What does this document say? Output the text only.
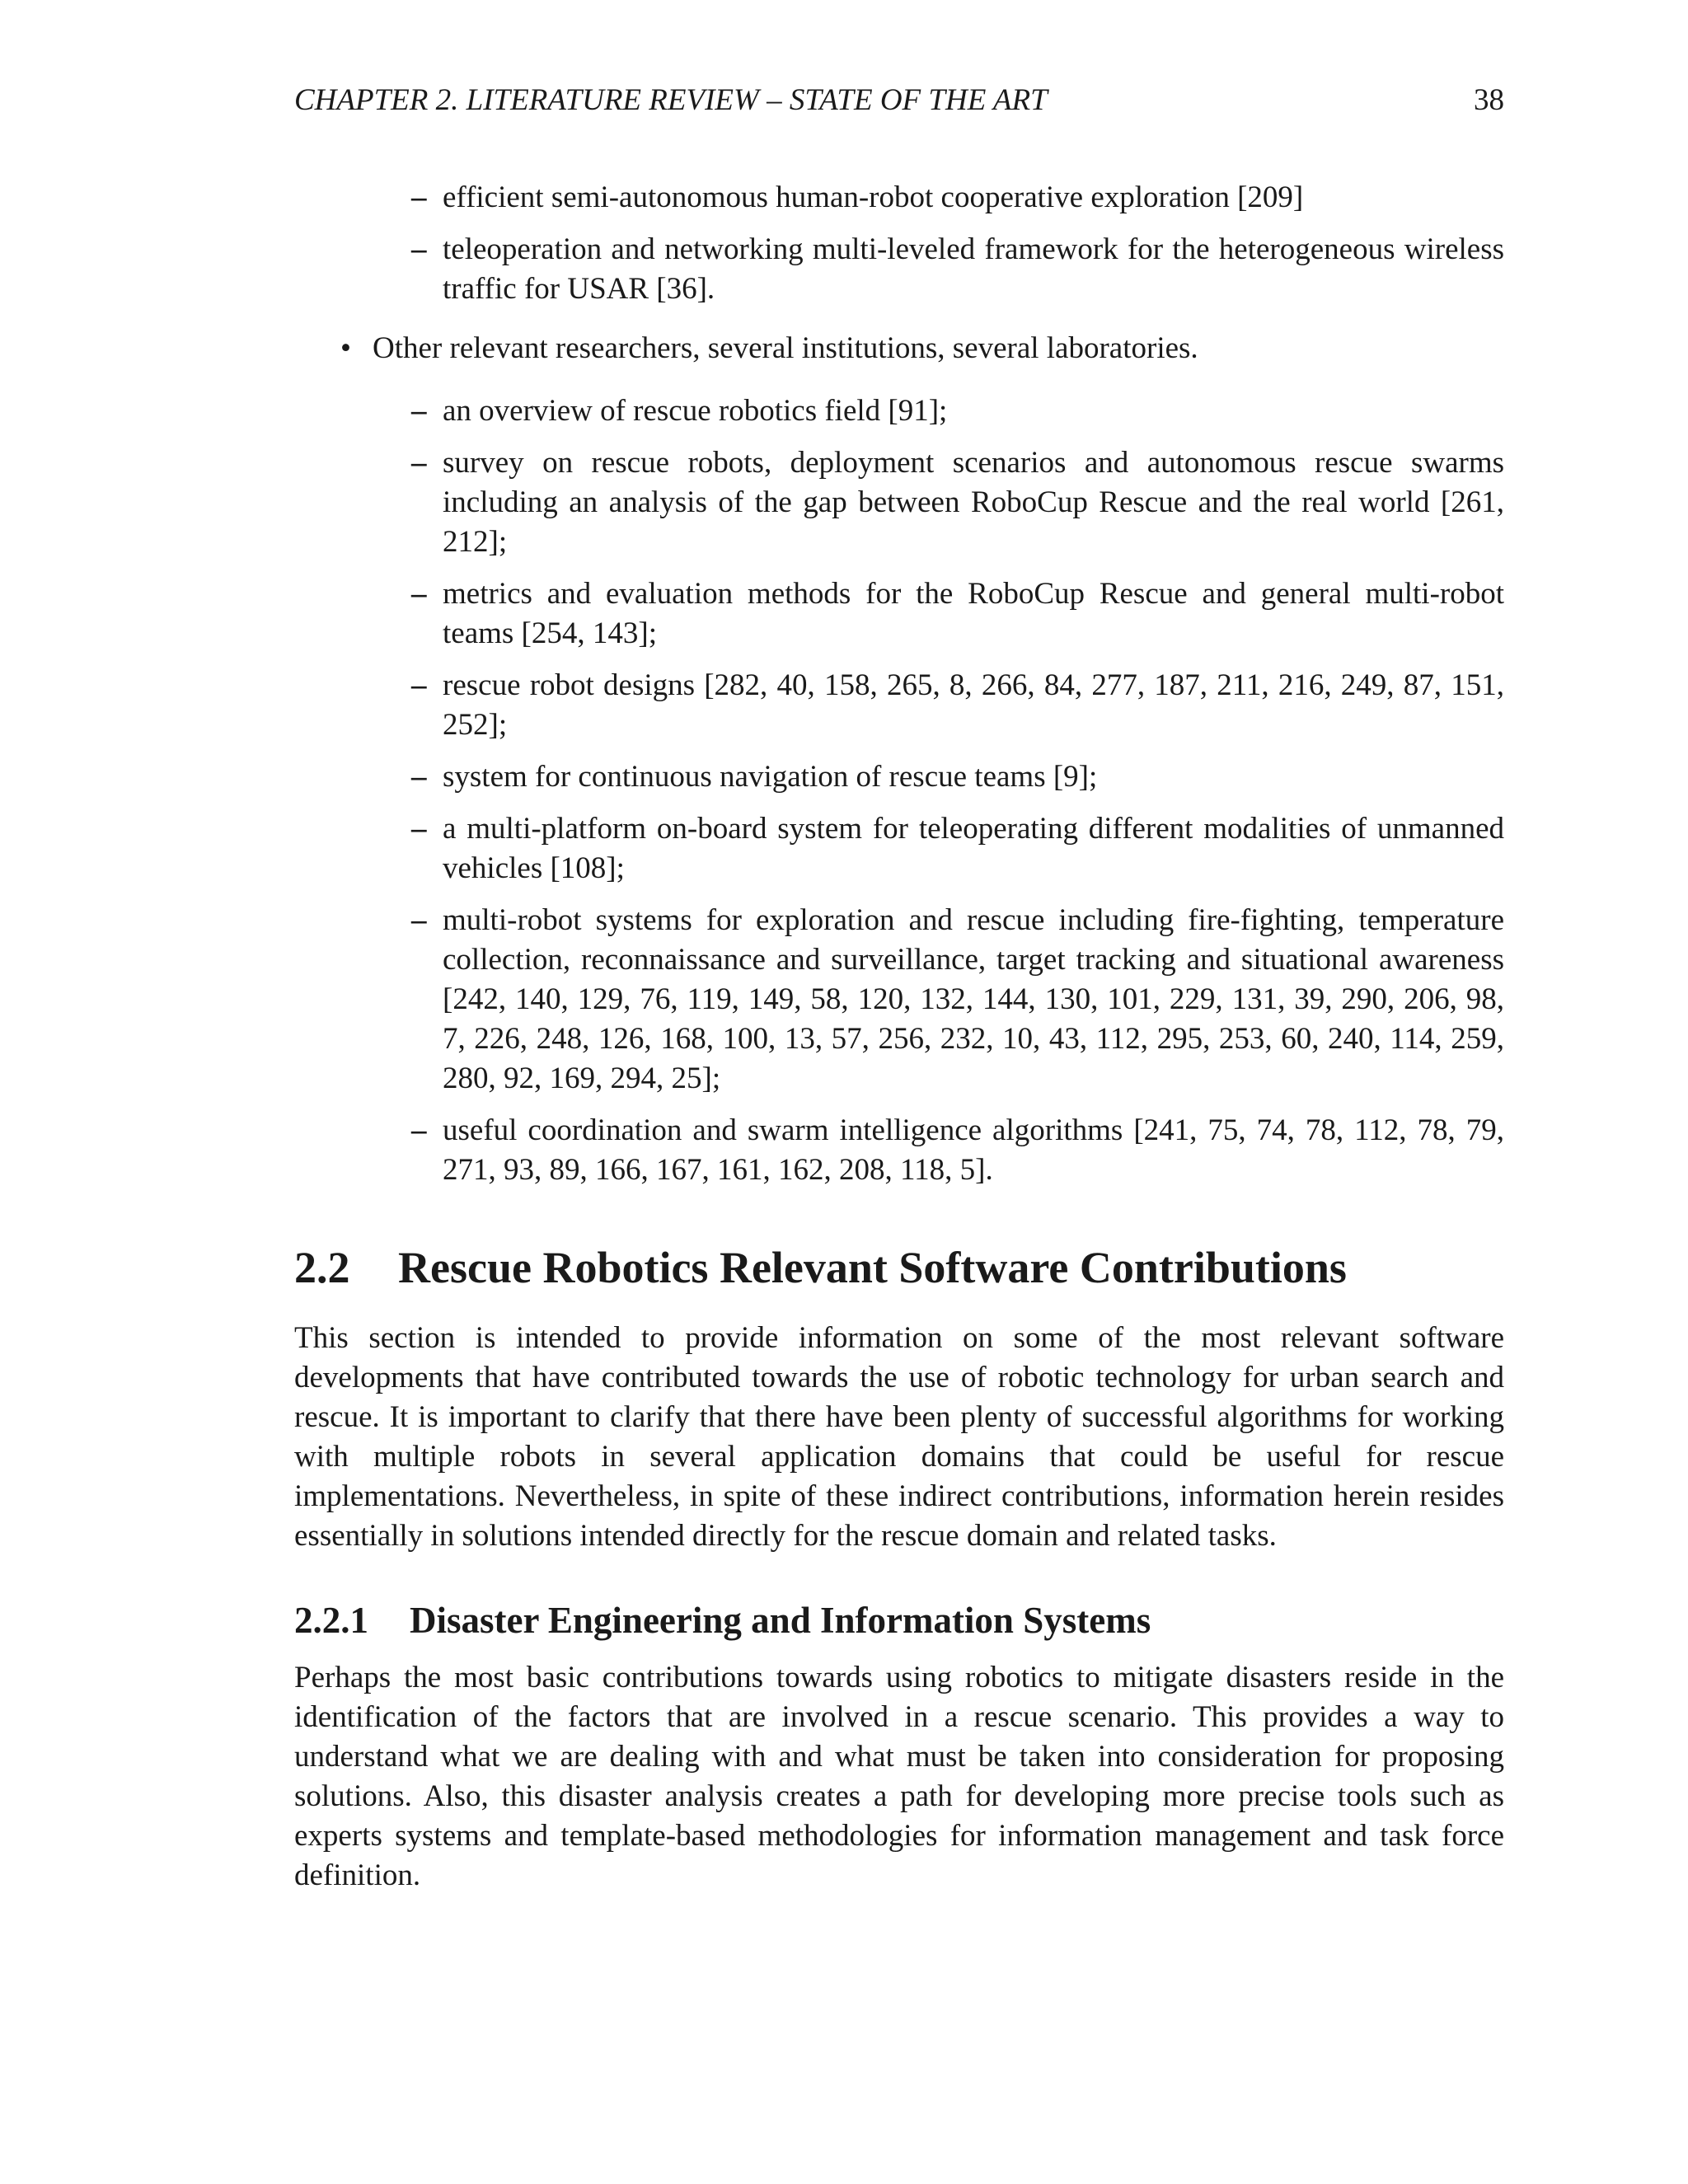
CHAPTER 2. LITERATURE REVIEW – STATE OF THE ART	38
– efficient semi-autonomous human-robot cooperative exploration [209]
– teleoperation and networking multi-leveled framework for the heterogeneous wireless traffic for USAR [36].
• Other relevant researchers, several institutions, several laboratories.
– an overview of rescue robotics field [91];
– survey on rescue robots, deployment scenarios and autonomous rescue swarms including an analysis of the gap between RoboCup Rescue and the real world [261, 212];
– metrics and evaluation methods for the RoboCup Rescue and general multi-robot teams [254, 143];
– rescue robot designs [282, 40, 158, 265, 8, 266, 84, 277, 187, 211, 216, 249, 87, 151, 252];
– system for continuous navigation of rescue teams [9];
– a multi-platform on-board system for teleoperating different modalities of unmanned vehicles [108];
– multi-robot systems for exploration and rescue including fire-fighting, temperature collection, reconnaissance and surveillance, target tracking and situational awareness [242, 140, 129, 76, 119, 149, 58, 120, 132, 144, 130, 101, 229, 131, 39, 290, 206, 98, 7, 226, 248, 126, 168, 100, 13, 57, 256, 232, 10, 43, 112, 295, 253, 60, 240, 114, 259, 280, 92, 169, 294, 25];
– useful coordination and swarm intelligence algorithms [241, 75, 74, 78, 112, 78, 79, 271, 93, 89, 166, 167, 161, 162, 208, 118, 5].
2.2 Rescue Robotics Relevant Software Contributions

This section is intended to provide information on some of the most relevant software developments that have contributed towards the use of robotic technology for urban search and rescue. It is important to clarify that there have been plenty of successful algorithms for working with multiple robots in several application domains that could be useful for rescue implementations. Nevertheless, in spite of these indirect contributions, information herein resides essentially in solutions intended directly for the rescue domain and related tasks.

2.2.1 Disaster Engineering and Information Systems

Perhaps the most basic contributions towards using robotics to mitigate disasters reside in the identification of the factors that are involved in a rescue scenario. This provides a way to understand what we are dealing with and what must be taken into consideration for proposing solutions. Also, this disaster analysis creates a path for developing more precise tools such as experts systems and template-based methodologies for information management and task force definition.
